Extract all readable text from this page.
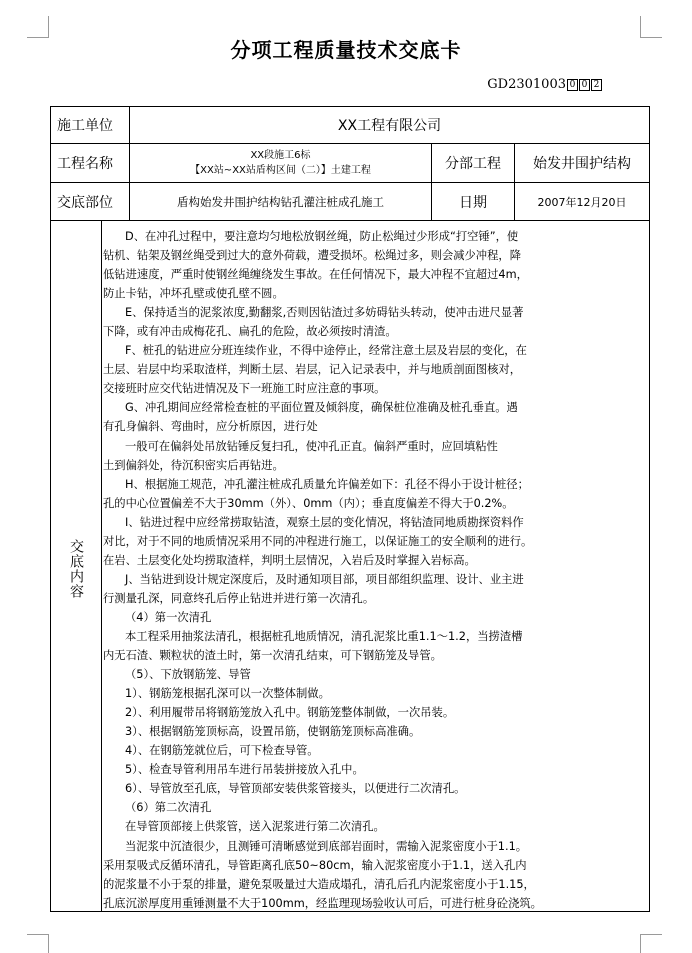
分项工程质量技术交底卡
GD2301003 0 0 2
施工单位	XX工程有限公司
工程名称
XX段施工6标
【XX站~XX站盾构区间（二）】土建工程	分部工程	始发井围护结构
交底部位	盾构始发井围护结构钻孔灌注桩成孔施工	日期	2007年12月20日
交底内容

D、在冲孔过程中，要注意均匀地松放钢丝绳，防止松绳过少形成“打空锤”，使

钻机、钻架及钢丝绳受到过大的意外荷载，遭受损坏。松绳过多，则会减少冲程，降

低钻进速度，严重时使钢丝绳缠绕发生事故。在任何情况下，最大冲程不宜超过4m，

防止卡钻，冲坏孔壁或使孔壁不圆。

E、保持适当的泥浆浓度,勤翻浆,否则因钻渣过多妨碍钻头转动，使冲击进尺显著

下降，或有冲击成梅花孔、扁孔的危险，故必须按时清渣。

F、桩孔的钻进应分班连续作业，不得中途停止，经常注意土层及岩层的变化，在

土层、岩层中均采取渣样，判断土层、岩层，记入记录表中，并与地质剖面图核对，

交接班时应交代钻进情况及下一班施工时应注意的事项。

G、冲孔期间应经常检查桩的平面位置及倾斜度，确保桩位准确及桩孔垂直。遇

有孔身偏斜、弯曲时，应分析原因，进行处

一般可在偏斜处吊放钻锤反复扫孔，使冲孔正直。偏斜严重时，应回填粘性

土到偏斜处，待沉积密实后再钻进。

H、根据施工规范，冲孔灌注桩成孔质量允许偏差如下：孔径不得小于设计桩径；

孔的中心位置偏差不大于30mm（外）、0mm（内）；垂直度偏差不得大于0.2%。

I、钻进过程中应经常捞取钻渣，观察土层的变化情况，将钻渣同地质勘探资料作

对比，对于不同的地质情况采用不同的冲程进行施工，以保证施工的安全顺利的进行。

在岩、土层变化处均捞取渣样，判明土层情况，入岩后及时掌握入岩标高。

J、当钻进到设计规定深度后，及时通知项目部，项目部组织监理、设计、业主进

行测量孔深，同意终孔后停止钻进并进行第一次清孔。

（4）第一次清孔

本工程采用抽浆法清孔，根据桩孔地质情况，清孔泥浆比重1.1～1.2，当捞渣槽

内无石渣、颗粒状的渣土时，第一次清孔结束，可下钢筋笼及导管。

（5）、下放钢筋笼、导管

1）、钢筋笼根据孔深可以一次整体制做。

2）、利用履带吊将钢筋笼放入孔中。钢筋笼整体制做，一次吊装。

3）、根据钢筋笼顶标高，设置吊筋，使钢筋笼顶标高准确。

4）、在钢筋笼就位后，可下检查导管。

5）、检查导管利用吊车进行吊装拼接放入孔中。

6）、导管放至孔底，导管顶部安装供浆管接头，以便进行二次清孔。

（6）第二次清孔

在导管顶部接上供浆管，送入泥浆进行第二次清孔。

当泥浆中沉渣很少，且测锤可清晰感觉到底部岩面时，需输入泥浆密度小于1.1。

采用泵吸式反循环清孔，导管距离孔底50~80cm，输入泥浆密度小于1.1，送入孔内

的泥浆量不小于泵的排量，避免泵吸量过大造成塌孔，清孔后孔内泥浆密度小于1.15，

孔底沉淤厚度用重锤测量不大于100mm，经监理现场验收认可后，可进行桩身砼浇筑。
